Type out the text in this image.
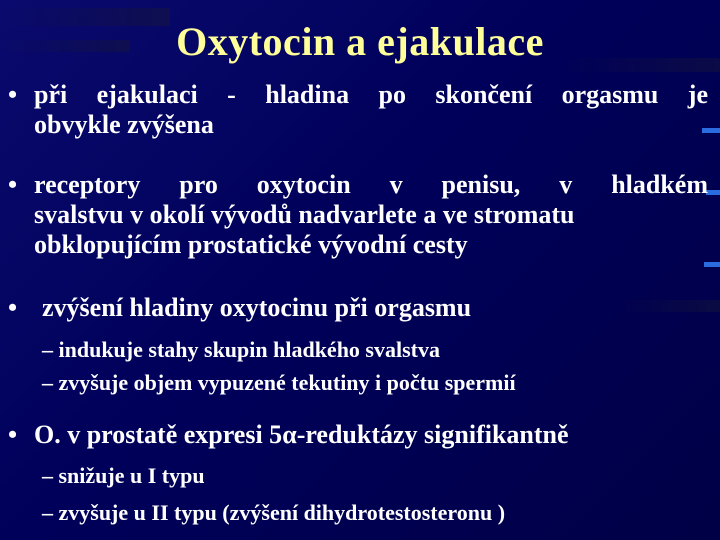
Oxytocin a ejakulace
• při ejakulaci - hladina po skončení orgasmu je
obvykle zvýšena
• receptory pro oxytocin v penisu, v hladkém
svalstvu v okolí vývodů nadvarlete a ve stromatu
obklopujícím prostatické vývodní cesty
• zvýšení hladiny oxytocinu při orgasmu
– indukuje stahy skupin hladkého svalstva
– zvyšuje objem vypuzené tekutiny i počtu spermií
• O. v prostatě expresi 5α-reduktázy signifikantně
– snižuje u I typu
– zvyšuje u II typu (zvýšení dihydrotestosteronu )
